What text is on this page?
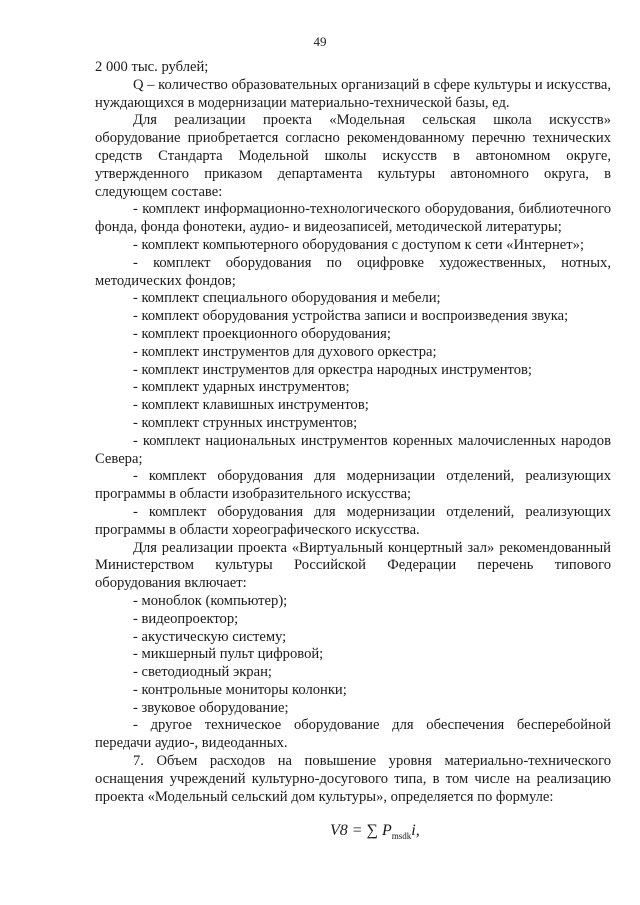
49

2 000 тыс. рублей;

Q – количество образовательных организаций в сфере культуры и искусства, нуждающихся в модернизации материально-технической базы, ед.

Для реализации проекта «Модельная сельская школа искусств» оборудование приобретается согласно рекомендованному перечню технических средств Стандарта Модельной школы искусств в автономном округе, утвержденного приказом департамента культуры автономного округа, в следующем составе:

- комплект информационно-технологического оборудования, библиотечного фонда, фонда фонотеки, аудио- и видеозаписей, методической литературы;

- комплект компьютерного оборудования с доступом к сети «Интернет»;

- комплект оборудования по оцифровке художественных, нотных, методических фондов;

- комплект специального оборудования и мебели;

- комплект оборудования устройства записи и воспроизведения звука;

- комплект проекционного оборудования;

- комплект инструментов для духового оркестра;

- комплект инструментов для оркестра народных инструментов;

- комплект ударных инструментов;

- комплект клавишных инструментов;

- комплект струнных инструментов;

- комплект национальных инструментов коренных малочисленных народов Севера;

- комплект оборудования для модернизации отделений, реализующих программы в области изобразительного искусства;

- комплект оборудования для модернизации отделений, реализующих программы в области хореографического искусства.

Для реализации проекта «Виртуальный концертный зал» рекомендованный Министерством культуры Российской Федерации перечень типового оборудования включает:

- моноблок (компьютер);

- видеопроектор;

- акустическую систему;

- микшерный пульт цифровой;

- светодиодный экран;

- контрольные мониторы колонки;

- звуковое оборудование;

- другое техническое оборудование для обеспечения бесперебойной передачи аудио-, видеоданных.

7. Объем расходов на повышение уровня материально-технического оснащения учреждений культурно-досугового типа, в том числе на реализацию проекта «Модельный сельский дом культуры», определяется по формуле:

V8 = ∑ $P_{msdk}i$,
